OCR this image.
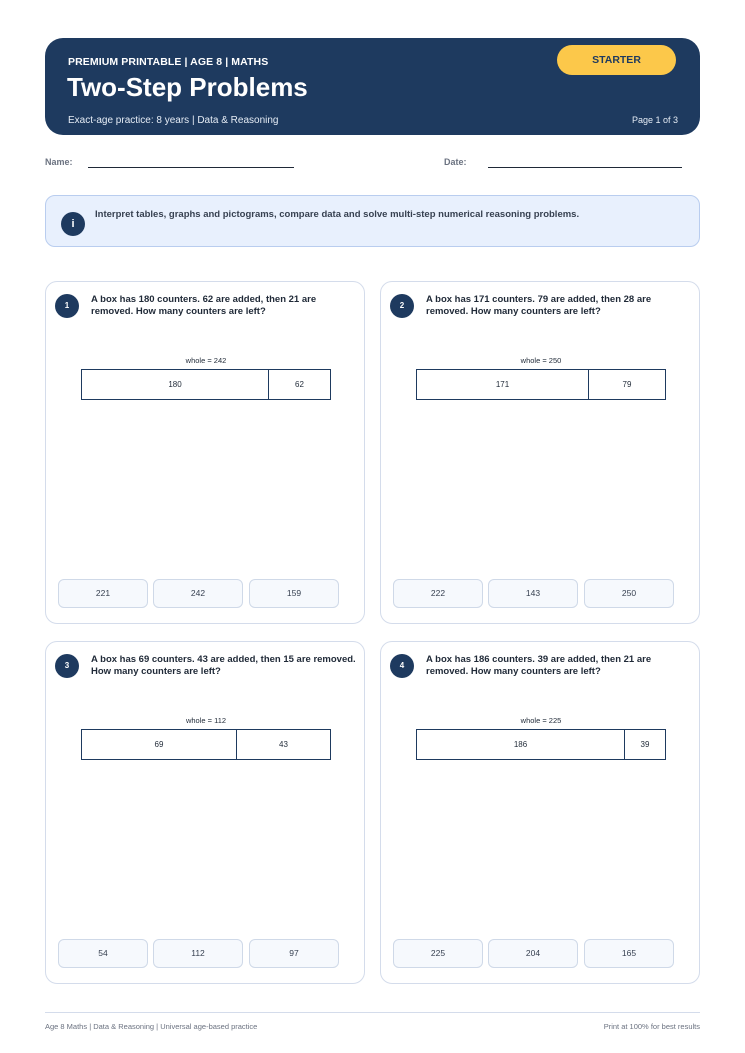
PREMIUM PRINTABLE | AGE 8 | MATHS
Two-Step Problems
Exact-age practice: 8 years | Data & Reasoning	Page 1 of 3
STARTER
Name:	Date:
i
Interpret tables, graphs and pictograms, compare data and solve multi-step numerical reasoning problems.
1
A box has 180 counters. 62 are added, then 21 are removed. How many counters are left?
whole = 242
180	62
221	242	159
2
A box has 171 counters. 79 are added, then 28 are removed. How many counters are left?
whole = 250
171	79
222	143	250
3
A box has 69 counters. 43 are added, then 15 are removed. How many counters are left?
whole = 112
69	43
54	112	97
4
A box has 186 counters. 39 are added, then 21 are removed. How many counters are left?
whole = 225
186	39
225	204	165
Age 8 Maths | Data & Reasoning | Universal age-based practice	Print at 100% for best results
